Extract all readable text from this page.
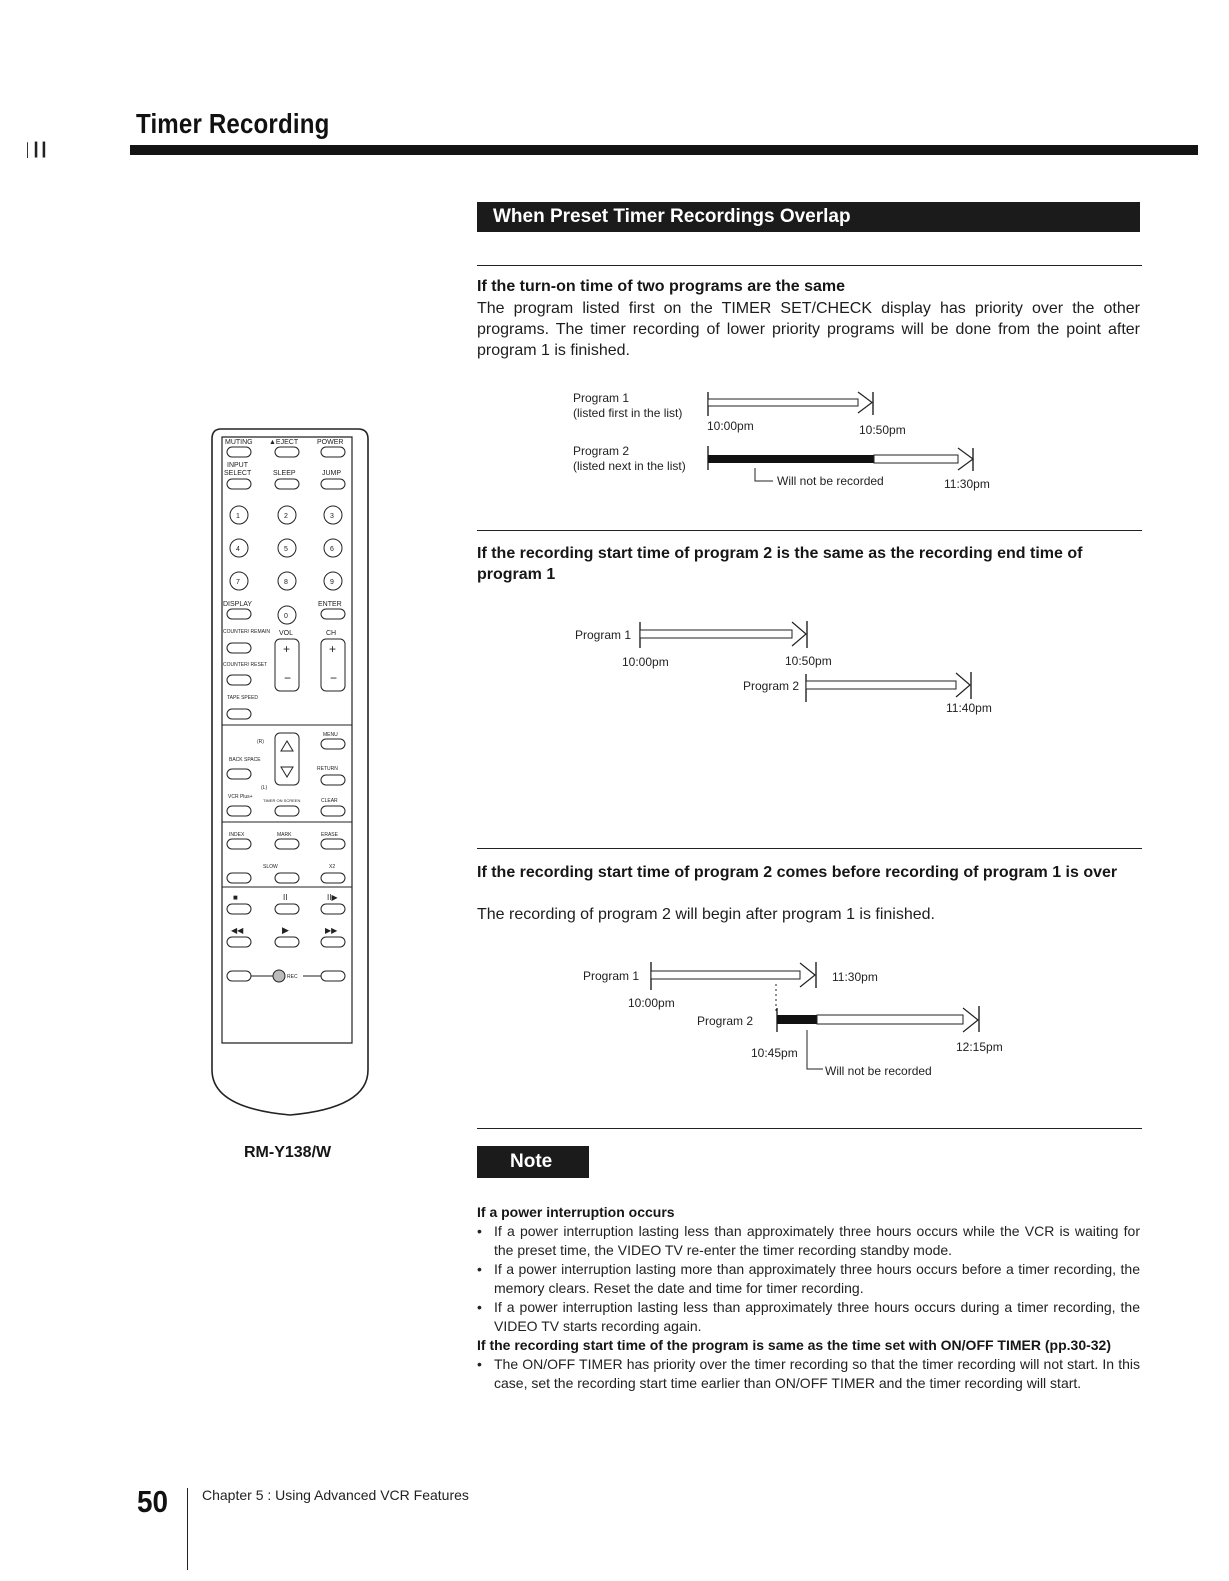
│┃┃
Timer Recording
When Preset Timer Recordings Overlap
If the turn-on time of two programs are the same
The program listed first on the TIMER SET/CHECK display has priority over the other programs. The timer recording of lower priority programs will be done from the point after program 1 is finished.
Program 1
(listed first in the list)
10:00pm	10:50pm
Program 2
(listed next in the list)
Will not be recorded	11:30pm
If the recording start time of program 2 is the same as the recording end time of program 1
Program 1
10:00pm	10:50pm
Program 2
11:40pm
If the recording start time of program 2 comes before recording of program 1 is over
The recording of program 2 will begin after program 1 is finished.
Program 1	11:30pm
10:00pm
Program 2
12:15pm
10:45pm
Will not be recorded
Note
If a power interruption occurs
• If a power interruption lasting less than approximately three hours occurs while the VCR is waiting for the preset time, the VIDEO TV re-enter the timer recording standby mode.
• If a power interruption lasting more than approximately three hours occurs before a timer recording, the memory clears. Reset the date and time for timer recording.
• If a power interruption lasting less than approximately three hours occurs during a timer recording, the VIDEO TV starts recording again.
If the recording start time of the program is same as the time set with ON/OFF TIMER (pp.30-32)
• The ON/OFF TIMER has priority over the timer recording so that the timer recording will not start. In this case, set the recording start time earlier than ON/OFF TIMER and the timer recording will start.
MUTING ▲EJECT	POWER
INPUT
SELECT	SLEEP	JUMP
1	2	3
4	5	6
7	8	9
DISPLAY	ENTER
0
COUNTER/ REMAIN VOL	CH
+
−
+
−
COUNTER/ RESET
TAPE SPEED
MENU
(R)
BACK SPACE
RETURN
(L)
VCR Plus+
TIMER ON SCREEN	CLEAR
INDEX	MARK	ERASE
SLOW	X2
■	II	II▶
◀◀	▶	▶▶
REC
RM-Y138/W
50 Chapter 5 : Using Advanced VCR Features
